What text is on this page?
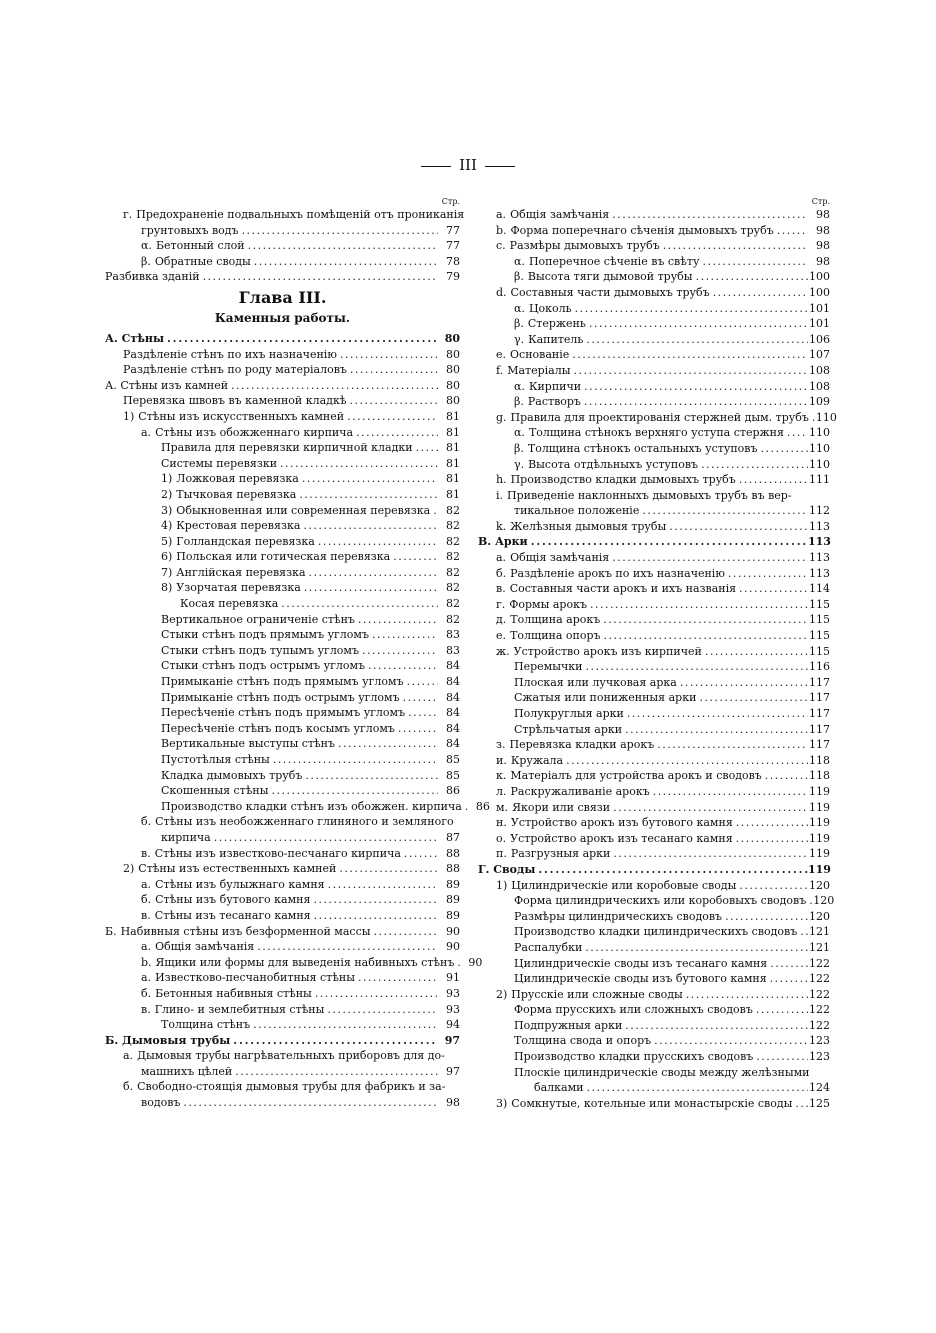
III
Стр.
г. Предохраненіе подвальныхъ помѣщеній отъ прониканія
грунтовыхъ водъ . . .	77
α. Бетонный слой . . .	77
β. Обратные своды . . .	78
Разбивка зданій . . .	79
Глава III.
Каменныя работы.
А. Стѣны . . .	80
Раздѣленіе стѣнъ по ихъ назначенію . . .	80
Раздѣленіе стѣнъ по роду матеріаловъ . . .	80
А. Стѣны изъ камней . . .	80
Перевязка швовъ въ каменной кладкѣ . . .	80
1) Стѣны изъ искусственныхъ камней . . .	81
а. Стѣны изъ обожженнаго кирпича . . .	81
Правила для перевязки кирпичной кладки . . .	81
Системы перевязки . . .	81
1) Ложковая перевязка . . .	81
2) Тычковая перевязка . . .	81
3) Обыкновенная или современная перевязка . . .	82
4) Крестовая перевязка . . .	82
5) Голландская перевязка . . .	82
6) Польская или готическая перевязка . . .	82
7) Англійская перевязка . . .	82
8) Узорчатая перевязка . . .	82
Косая перевязка . . .	82
Вертикальное ограниченіе стѣнъ . . .	82
Стыки стѣнъ подъ прямымъ угломъ . . .	83
Стыки стѣнъ подъ тупымъ угломъ . . .	83
Стыки стѣнъ подъ острымъ угломъ . . .	84
Примыканіе стѣнъ подъ прямымъ угломъ . . .	84
Примыканіе стѣнъ подъ острымъ угломъ . . .	84
Пересѣченіе стѣнъ подъ прямымъ угломъ . . .	84
Пересѣченіе стѣнъ подъ косымъ угломъ . . .	84
Вертикальные выступы стѣнъ . . .	84
Пустотѣлыя стѣны . . .	85
Кладка дымовыхъ трубъ . . .	85
Скошенныя стѣны . . .	86
Производство кладки стѣнъ изъ обожжен. кирпича . . .	86
б. Стѣны изъ необожженнаго глиняного и земляного
кирпича . . .	87
в. Стѣны изъ известково-песчанаго кирпича . . .	88
2) Стѣны изъ естественныхъ камней . . .	88
а. Стѣны изъ булыжнаго камня . . .	89
б. Стѣны изъ бутового камня . . .	89
в. Стѣны изъ тесанаго камня . . .	89
Б. Набивныя стѣны изъ безформенной массы . . .	90
a. Общія замѣчанія . . .	90
b. Ящики или формы для выведенія набивныхъ стѣнъ . . .	90
a. Известково-песчанобитныя стѣны . . .	91
б. Бетонныя набивныя стѣны . . .	93
в. Глино- и землебитныя стѣны . . .	93
Толщина стѣнъ . . .	94
Б. Дымовыя трубы . . .	97
a. Дымовыя трубы нагрѣвательныхъ приборовъ для до-
машнихъ цѣлей . . .	97
б. Свободно-стоящія дымовыя трубы для фабрикъ и за-
водовъ . . .	98
Стр.
a. Общія замѣчанія . . .	98
b. Форма поперечнаго сѣченія дымовыхъ трубъ . . .	98
c. Размѣры дымовыхъ трубъ . . .	98
α. Поперечное сѣченіе въ свѣту . . .	98
β. Высота тяги дымовой трубы . . .	100
d. Составныя части дымовыхъ трубъ . . .	100
α. Цоколь . . .	101
β. Стержень . . .	101
γ. Капитель . . .	106
e. Основаніе . . .	107
f. Матеріалы . . .	108
α. Кирпичи . . .	108
β. Растворъ . . .	109
g. Правила для проектированія стержней дым. трубъ . . . 110
α. Толщина стѣнокъ верхняго уступа стержня . . . 110
β. Толщина стѣнокъ остальныхъ уступовъ . . .	110
γ. Высота отдѣльныхъ уступовъ . . .	110
h. Производство кладки дымовыхъ трубъ . . .	111
i. Приведеніе наклонныхъ дымовыхъ трубъ въ вер-
тикальное положеніе . . .	112
k. Желѣзныя дымовыя трубы . . .	113
В. Арки . . .	113
а. Общія замѣчанія . . .	113
б. Раздѣленіе арокъ по ихъ назначенію . . .	113
в. Составныя части арокъ и ихъ названія . . .	114
г. Формы арокъ . . .	115
д. Толщина арокъ . . .	115
е. Толщина опоръ . . .	115
ж. Устройство арокъ изъ кирпичей . . .	115
Перемычки . . .	116
Плоская или лучковая арка . . .	117
Сжатыя или пониженныя арки . . .	117
Полукруглыя арки . . .	117
Стрѣльчатыя арки . . .	117
з. Перевязка кладки арокъ . . .	117
и. Кружала . . .	118
к. Матеріалъ для устройства арокъ и сводовъ . . .	118
л. Раскружаливаніе арокъ . . .	119
м. Якори или связи . . .	119
н. Устройство арокъ изъ бутового камня . . .	119
о. Устройство арокъ изъ тесанаго камня . . .	119
п. Разгрузныя арки . . .	119
Г. Своды . . .	119
1) Цилиндрическіе или коробовые своды . . .	120
Форма цилиндрическихъ или коробовыхъ сводовъ . . . 120
Размѣры цилиндрическихъ сводовъ . . .	120
Производство кладки цилиндрическихъ сводовъ . . . 121
Распалубки . . .	121
Цилиндрическіе своды изъ тесанаго камня . . .	122
Цилиндрическіе своды изъ бутового камня . . .	122
2) Прусскіе или сложные своды . . .	122
Форма прусскихъ или сложныхъ сводовъ . . .	122
Подпружныя арки . . .	122
Толщина свода и опоръ . . .	123
Производство кладки прусскихъ сводовъ . . .	123
Плоскіе цилиндрическіе своды между желѣзными
балками . . .	124
3) Сомкнутые, котельные или монастырскіе своды . . . 125
